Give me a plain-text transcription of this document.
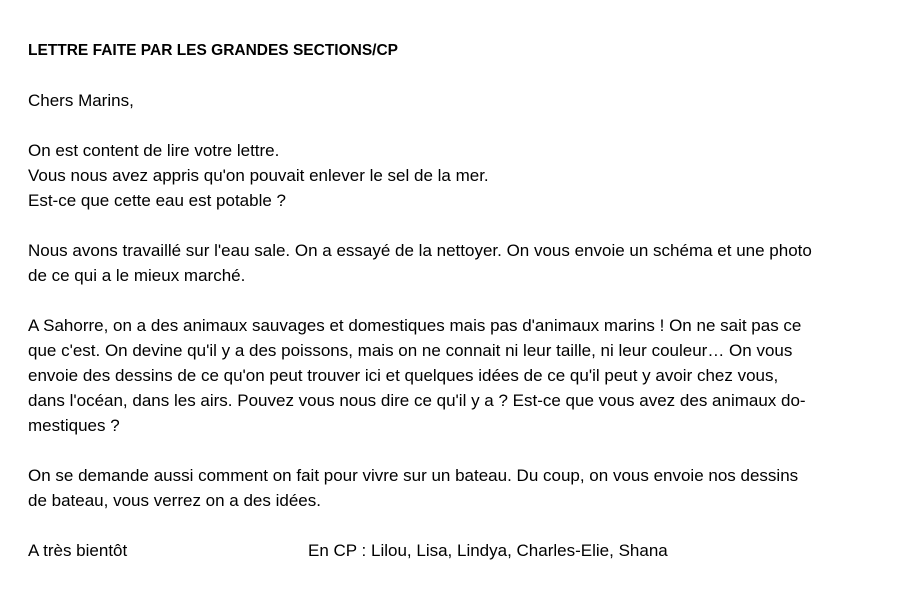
LETTRE FAITE PAR LES GRANDES SECTIONS/CP
Chers Marins,
On est content de lire votre lettre.
Vous nous avez appris qu'on pouvait enlever le sel de la mer.
Est-ce que cette eau est potable ?
Nous avons travaillé sur l'eau sale. On a essayé de la nettoyer. On vous envoie un schéma et une photo
de ce qui a le mieux marché.
A Sahorre, on a des animaux sauvages et domestiques mais pas d'animaux marins ! On ne sait pas ce
que c'est. On devine qu'il y a des poissons, mais on ne connait ni leur taille, ni leur couleur… On vous
envoie des dessins de ce qu'on peut trouver ici et quelques idées de ce qu'il peut y avoir chez vous,
dans l'océan, dans les airs. Pouvez vous nous dire ce qu'il y a ? Est-ce que vous avez des animaux do-
mestiques ?
On se demande aussi comment on fait pour vivre sur un bateau. Du coup, on vous envoie nos dessins
de bateau, vous verrez on a des idées.
A très bientôt	En CP : Lilou, Lisa, Lindya, Charles-Elie, Shana
